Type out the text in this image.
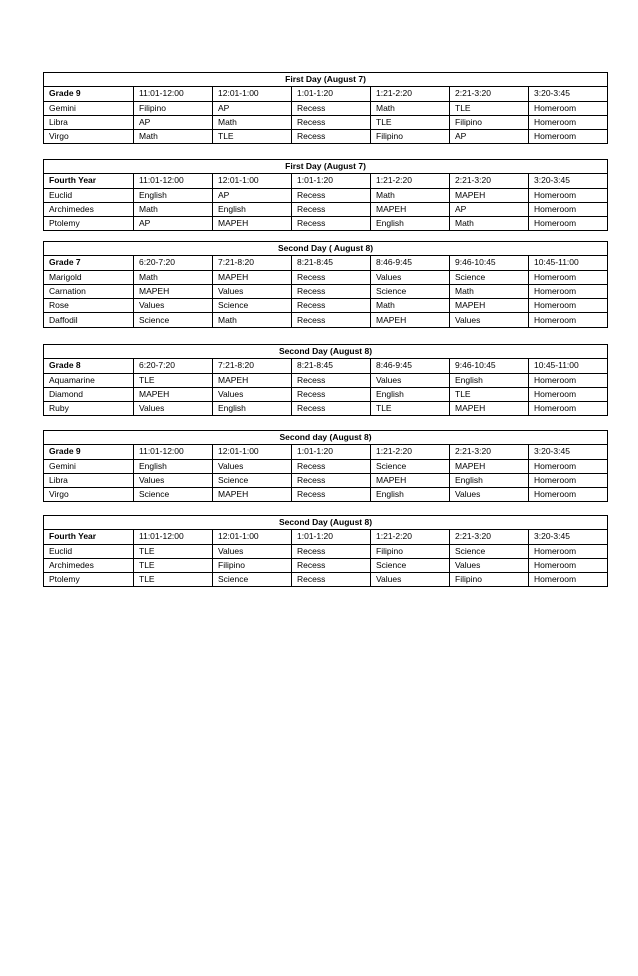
First Day (August 7)						
Grade 9	11:01-12:00	12:01-1:00	1:01-1:20	1:21-2:20	2:21-3:20	3:20-3:45
Gemini	Filipino	AP	Recess	Math	TLE	Homeroom
Libra	AP	Math	Recess	TLE	Filipino	Homeroom
Virgo	Math	TLE	Recess	Filipino	AP	Homeroom
First Day (August 7)						
Fourth Year	11:01-12:00	12:01-1:00	1:01-1:20	1:21-2:20	2:21-3:20	3:20-3:45
Euclid	English	AP	Recess	Math	MAPEH	Homeroom
Archimedes	Math	English	Recess	MAPEH	AP	Homeroom
Ptolemy	AP	MAPEH	Recess	English	Math	Homeroom
Second Day ( August 8)						
Grade 7	6:20-7:20	7:21-8:20	8:21-8:45	8:46-9:45	9:46-10:45	10:45-11:00
Marigold	Math	MAPEH	Recess	Values	Science	Homeroom
Carnation	MAPEH	Values	Recess	Science	Math	Homeroom
Rose	Values	Science	Recess	Math	MAPEH	Homeroom
Daffodil	Science	Math	Recess	MAPEH	Values	Homeroom
Second Day (August 8)						
Grade 8	6:20-7:20	7:21-8:20	8:21-8:45	8:46-9:45	9:46-10:45	10:45-11:00
Aquamarine	TLE	MAPEH	Recess	Values	English	Homeroom
Diamond	MAPEH	Values	Recess	English	TLE	Homeroom
Ruby	Values	English	Recess	TLE	MAPEH	Homeroom
Second day (August 8)						
Grade 9	11:01-12:00	12:01-1:00	1:01-1:20	1:21-2:20	2:21-3:20	3:20-3:45
Gemini	English	Values	Recess	Science	MAPEH	Homeroom
Libra	Values	Science	Recess	MAPEH	English	Homeroom
Virgo	Science	MAPEH	Recess	English	Values	Homeroom
Second Day (August 8)						
Fourth Year	11:01-12:00	12:01-1:00	1:01-1:20	1:21-2:20	2:21-3:20	3:20-3:45
Euclid	TLE	Values	Recess	Filipino	Science	Homeroom
Archimedes	TLE	Filipino	Recess	Science	Values	Homeroom
Ptolemy	TLE	Science	Recess	Values	Filipino	Homeroom
